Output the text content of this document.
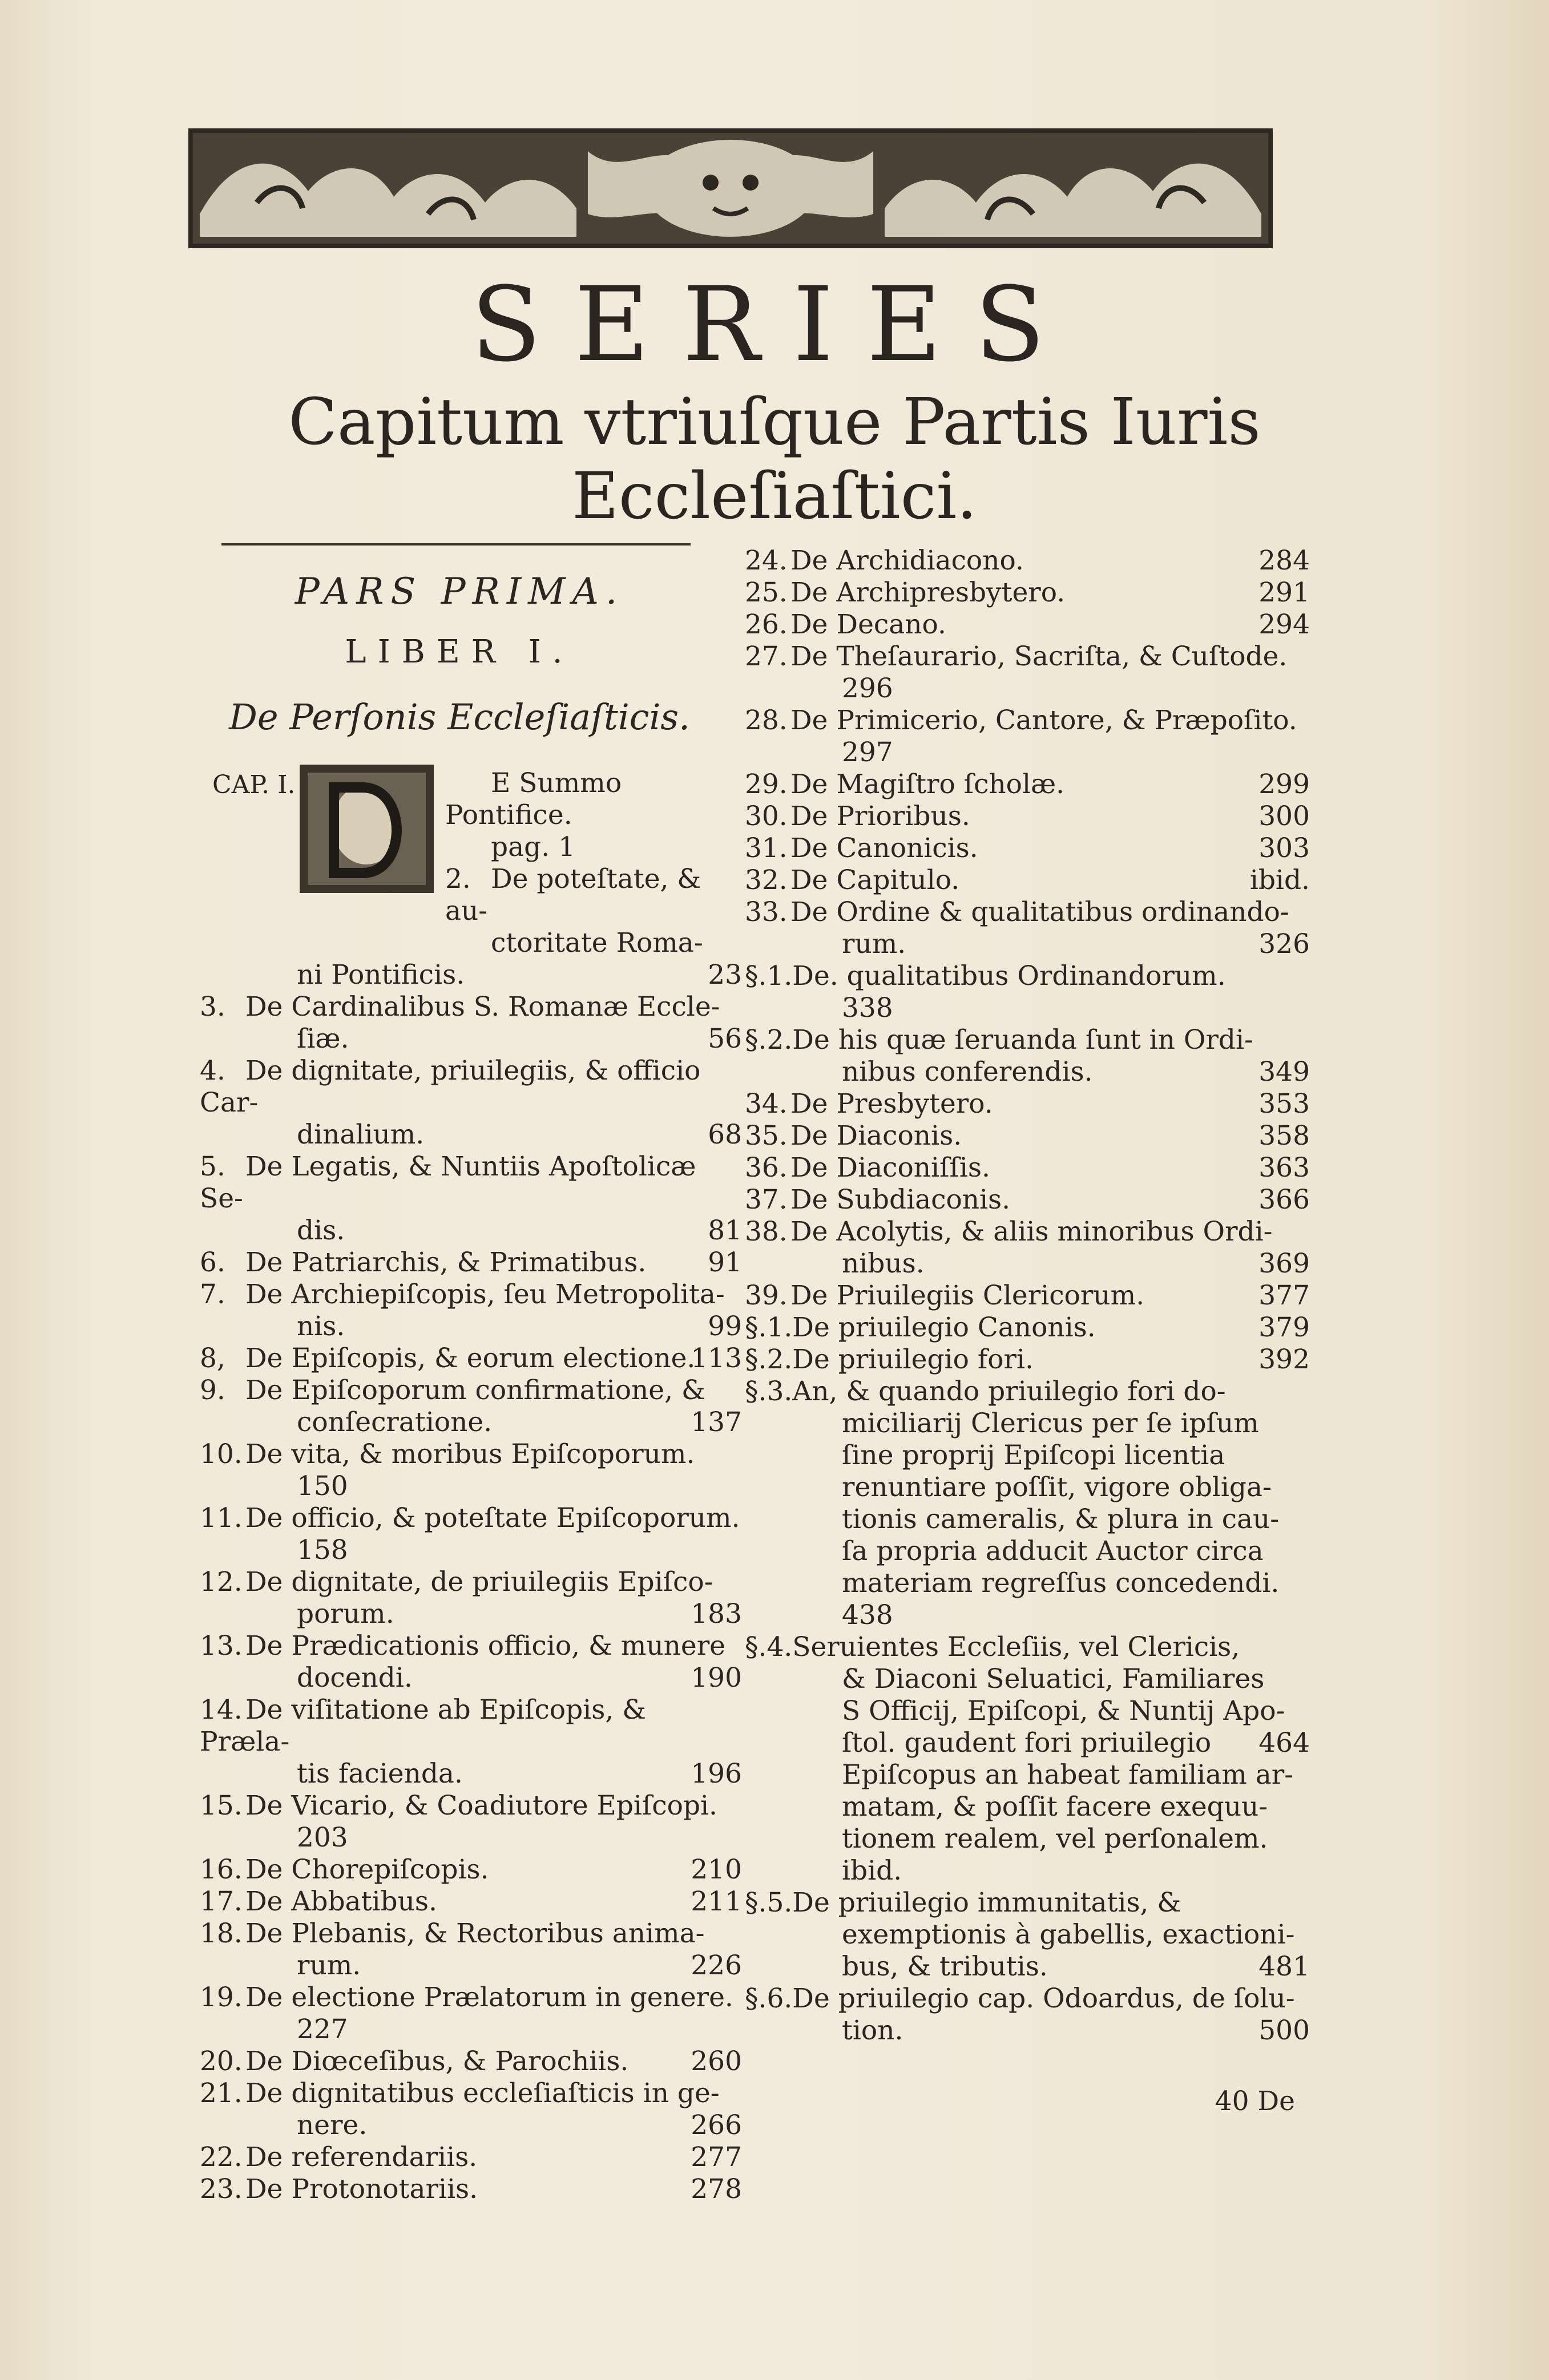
SERIES
Capitum vtriuſque Partis Iuris
Eccleſiaſtici.
PARS PRIMA.
LIBER I.
De Perſonis Eccleſiaſticis.
CAP. I.	E Summo Pontifice.
pag. 1
2. De poteſtate, & au-
ctoritate Roma-
ni Pontificis.	23
3. De Cardinalibus S. Romanæ Eccle-
ſiæ.	56
4. De dignitate, priuilegiis, & officio Car-
dinalium.	68
5. De Legatis, & Nuntiis Apoſtolicæ Se-
dis.	81
6. De Patriarchis, & Primatibus.	91
7. De Archiepiſcopis, ſeu Metropolita-
nis.	99
8, De Epiſcopis, & eorum electione.
113
9. De Epiſcoporum confirmatione, &
conſecratione.	137
10. De vita, & moribus Epiſcoporum.
150
11. De officio, & poteſtate Epiſcoporum.
158
12. De dignitate, de priuilegiis Epiſco-
porum.	183
13. De Prædicationis officio, & munere
docendi.	190
14. De viſitatione ab Epiſcopis, & Præla-
tis facienda.	196
15. De Vicario, & Coadiutore Epiſcopi.
203
16. De Chorepiſcopis.	210
17. De Abbatibus.	211
18. De Plebanis, & Rectoribus anima-
rum.	226
19. De electione Prælatorum in genere.
227
20. De Diœceſibus, & Parochiis.	260
21. De dignitatibus eccleſiaſticis in ge-
nere.	266
22. De referendariis.	277
23. De Protonotariis.	278
24. De Archidiacono.	284
25. De Archipresbytero.	291
26. De Decano.	294
27. De Theſaurario, Sacriſta, & Cuſtode.
296
28. De Primicerio, Cantore, & Præpoſito.
297
29. De Magiſtro ſcholæ.	299
30. De Prioribus.	300
31. De Canonicis.	303
32. De Capitulo.	ibid.
33. De Ordine & qualitatibus ordinando-
rum.	326
§.1.De. qualitatibus Ordinandorum.
338
§.2.De his quæ ſeruanda ſunt in Ordi-
nibus conferendis.	349
34. De Presbytero.	353
35. De Diaconis.	358
36. De Diaconiſſis.	363
37. De Subdiaconis.	366
38. De Acolytis, & aliis minoribus Ordi-
nibus.	369
39. De Priuilegiis Clericorum.	377
§.1.De priuilegio Canonis.	379
§.2.De priuilegio fori.	392
§.3.An, & quando priuilegio fori do-
miciliarij Clericus per ſe ipſum
ſine proprij Epiſcopi licentia
renuntiare poſſit, vigore obliga-
tionis cameralis, & plura in cau-
ſa propria adducit Auctor circa
materiam regreſſus concedendi.
438
§.4.Seruientes Eccleſiis, vel Clericis,
& Diaconi Seluatici, Familiares
S Officij, Epiſcopi, & Nuntij Apo-
ſtol. gaudent fori priuilegio	464
Epiſcopus an habeat familiam ar-
matam, & poſſit facere exequu-
tionem realem, vel perſonalem.
ibid.
§.5.De priuilegio immunitatis, &
exemptionis à gabellis, exactioni-
bus, & tributis.	481
§.6.De priuilegio cap. Odoardus, de ſolu-
tion.	500
40 De
